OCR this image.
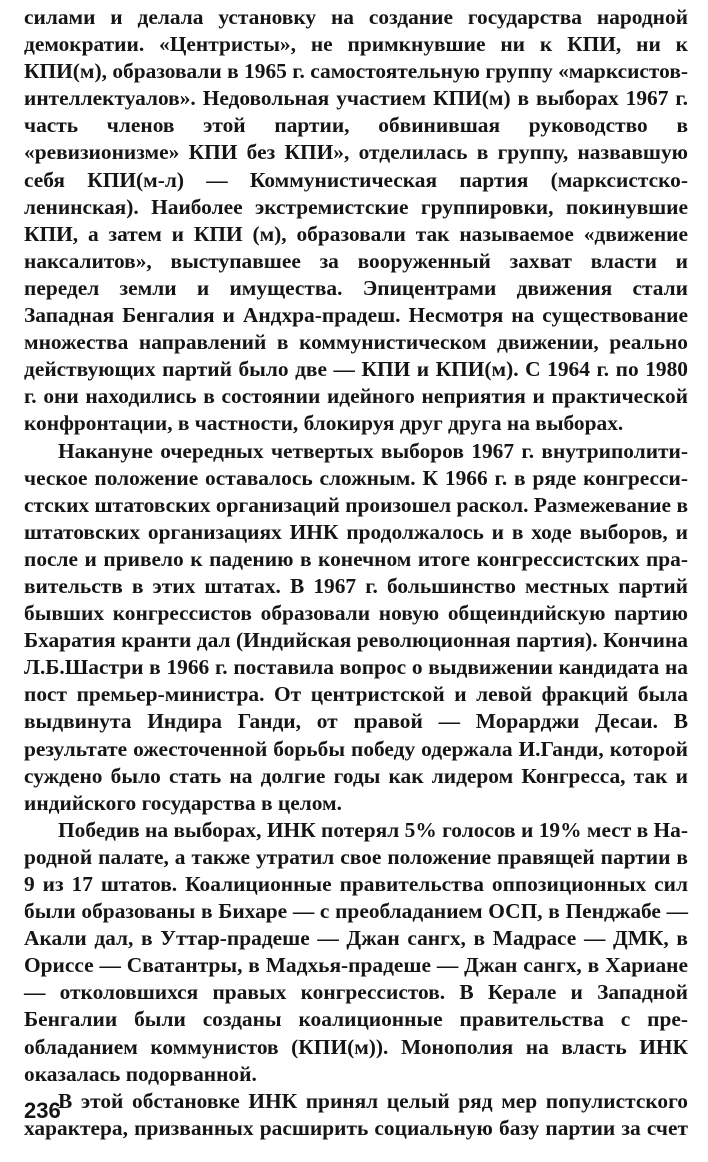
силами и делала установку на создание государства народной демократии. «Центристы», не примкнувшие ни к КПИ, ни к КПИ(м), образовали в 1965 г. самостоятельную группу «марксистов-интеллектуалов». Недовольная участием КПИ(м) в выборах 1967 г. часть членов этой партии, обвинившая руководство в «ревизионизме» КПИ без КПИ», отделилась в группу, назвавшую себя КПИ(м-л) — Коммунистическая партия (марксистско-ленинская). Наиболее экстремистские группировки, покинувшие КПИ, а затем и КПИ (м), образовали так называемое «движение наксалитов», выступавшее за вооруженный захват власти и передел земли и имущества. Эпицентрами движения стали Западная Бенгалия и Андхра-прадеш. Несмотря на существование множества направлений в коммунистическом движении, реально действующих партий было две — КПИ и КПИ(м). С 1964 г. по 1980 г. они находились в состоянии идейного неприятия и практической конфронтации, в частности, блокируя друг друга на выборах.

Накануне очередных четвертых выборов 1967 г. внутриполитическое положение оставалось сложным. К 1966 г. в ряде конгрессистских штатовских организаций произошел раскол. Размежевание в штатовских организациях ИНК продолжалось и в ходе выборов, и после и привело к падению в конечном итоге конгрессистских правительств в этих штатах. В 1967 г. большинство местных партий бывших конгрессистов образовали новую общеиндийскую партию Бхаратия кранти дал (Индийская революционная партия). Кончина Л.Б.Шастри в 1966 г. поставила вопрос о выдвижении кандидата на пост премьер-министра. От центристской и левой фракций была выдвинута Индира Ганди, от правой — Морарджи Десаи. В результате ожесточенной борьбы победу одержала И.Ганди, которой суждено было стать на долгие годы как лидером Конгресса, так и индийского государства в целом.

Победив на выборах, ИНК потерял 5% голосов и 19% мест в Народной палате, а также утратил свое положение правящей партии в 9 из 17 штатов. Коалиционные правительства оппозиционных сил были образованы в Бихаре — с преобладанием ОСП, в Пенджабе — Акали дал, в Уттар-прадеше — Джан сангх, в Мадрасе — ДМК, в Ориссе — Сватантры, в Мадхья-прадеше — Джан сангх, в Хариане — отколовшихся правых конгрессистов. В Керале и Западной Бенгалии были созданы коалиционные правительства с преобладанием коммунистов (КПИ(м)). Монополия на власть ИНК оказалась подорванной.

В этой обстановке ИНК принял целый ряд мер популистского характера, призванных расширить социальную базу партии за счет

236
